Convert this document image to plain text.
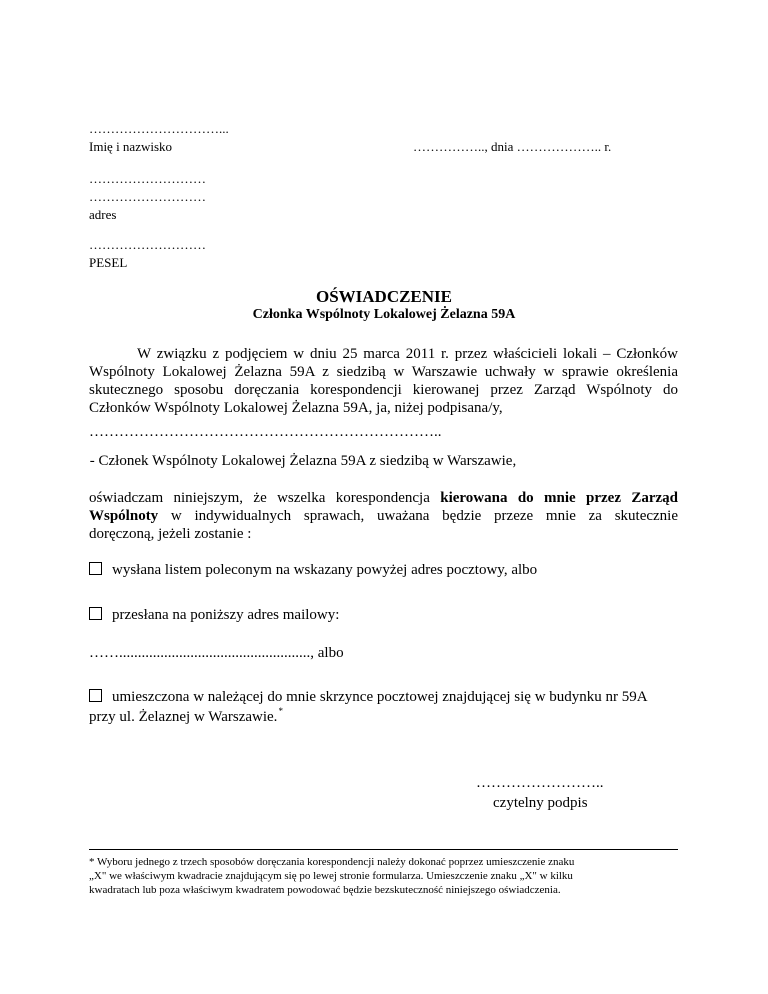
…………………………...
Imię i nazwisko	…………….., dnia ……………….. r.
………………………
………………………
adres
………………………
PESEL
OŚWIADCZENIE
Członka Wspólnoty Lokalowej Żelazna 59A
W związku z podjęciem w dniu 25 marca 2011 r. przez właścicieli lokali – Członków
Wspólnoty Lokalowej Żelazna 59A z siedzibą w Warszawie uchwały w sprawie określenia
skutecznego sposobu doręczania korespondencji kierowanej przez Zarząd Wspólnoty do
Członków Wspólnoty Lokalowej Żelazna 59A, ja, niżej podpisana/y,
……………………………………………………………..
- Członek Wspólnoty Lokalowej Żelazna 59A z siedzibą w Warszawie,
oświadczam niniejszym, że wszelka korespondencja kierowana do mnie przez Zarząd
Wspólnoty w indywidualnych sprawach, uważana będzie przeze mnie za skutecznie
doręczoną, jeżeli zostanie :
wysłana listem poleconym na wskazany powyżej adres pocztowy, albo
przesłana na poniższy adres mailowy:
……..................................................., albo
umieszczona w należącej do mnie skrzynce pocztowej znajdującej się w budynku nr 59A
przy ul. Żelaznej w Warszawie.*
……………………..
czytelny podpis
* Wyboru jednego z trzech sposobów doręczania korespondencji należy dokonać poprzez umieszczenie znaku
„X" we właściwym kwadracie znajdującym się po lewej stronie formularza. Umieszczenie znaku „X" w kilku
kwadratach lub poza właściwym kwadratem powodować będzie bezskuteczność niniejszego oświadczenia.
